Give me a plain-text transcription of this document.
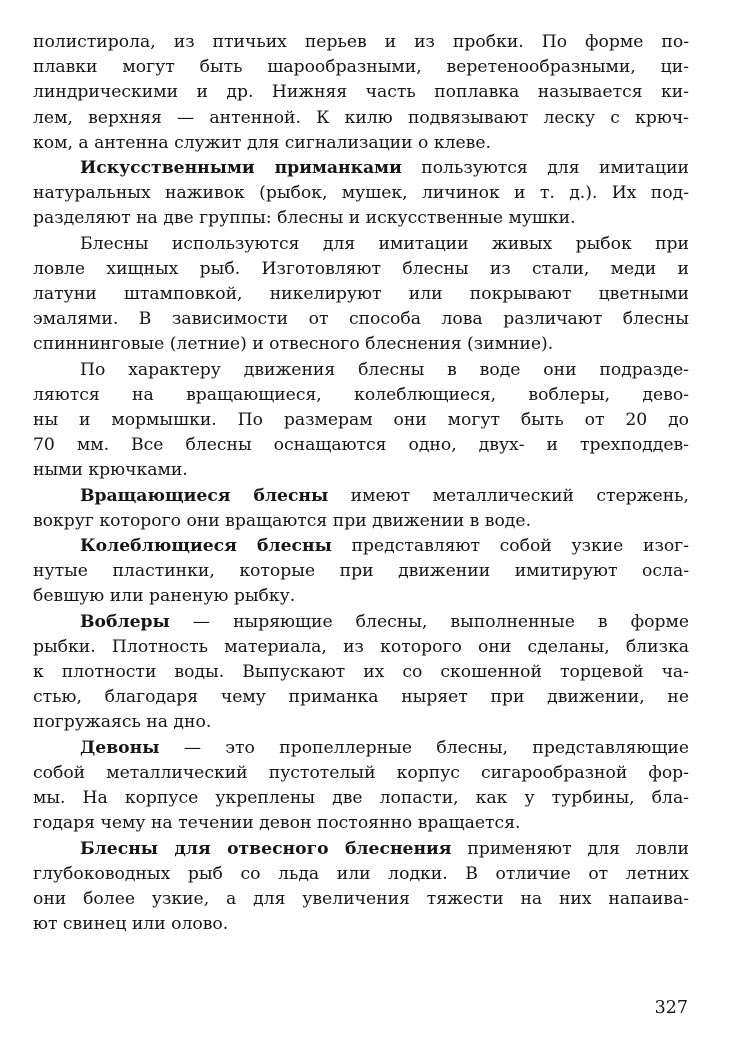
полистирола, из птичьих перьев и из пробки. По форме по-
плавки могут быть шарообразными, веретенообразными, ци-
линдрическими и др. Нижняя часть поплавка называется ки-
лем, верхняя — антенной. К килю подвязывают леску с крюч-
ком, а антенна служит для сигнализации о клеве.
Искусственными приманками пользуются для имитации
натуральных наживок (рыбок, мушек, личинок и т. д.). Их под-
разделяют на две группы: блесны и искусственные мушки.
Блесны используются для имитации живых рыбок при
ловле хищных рыб. Изготовляют блесны из стали, меди и
латуни штамповкой, никелируют или покрывают цветными
эмалями. В зависимости от способа лова различают блесны
спиннинговые (летние) и отвесного блеснения (зимние).
По характеру движения блесны в воде они подразде-
ляются на вращающиеся, колеблющиеся, воблеры, дево-
ны и мормышки. По размерам они могут быть от 20 до
70 мм. Все блесны оснащаются одно, двух- и трехподдев-
ными крючками.
Вращающиеся блесны имеют металлический стержень,
вокруг которого они вращаются при движении в воде.
Колеблющиеся блесны представляют собой узкие изог-
нутые пластинки, которые при движении имитируют осла-
бевшую или раненую рыбку.
Воблеры — ныряющие блесны, выполненные в форме
рыбки. Плотность материала, из которого они сделаны, близка
к плотности воды. Выпускают их со скошенной торцевой ча-
стью, благодаря чему приманка ныряет при движении, не
погружаясь на дно.
Девоны — это пропеллерные блесны, представляющие
собой металлический пустотелый корпус сигарообразной фор-
мы. На корпусе укреплены две лопасти, как у турбины, бла-
годаря чему на течении девон постоянно вращается.
Блесны для отвесного блеснения применяют для ловли
глубоководных рыб со льда или лодки. В отличие от летних
они более узкие, а для увеличения тяжести на них напаива-
ют свинец или олово.
327
